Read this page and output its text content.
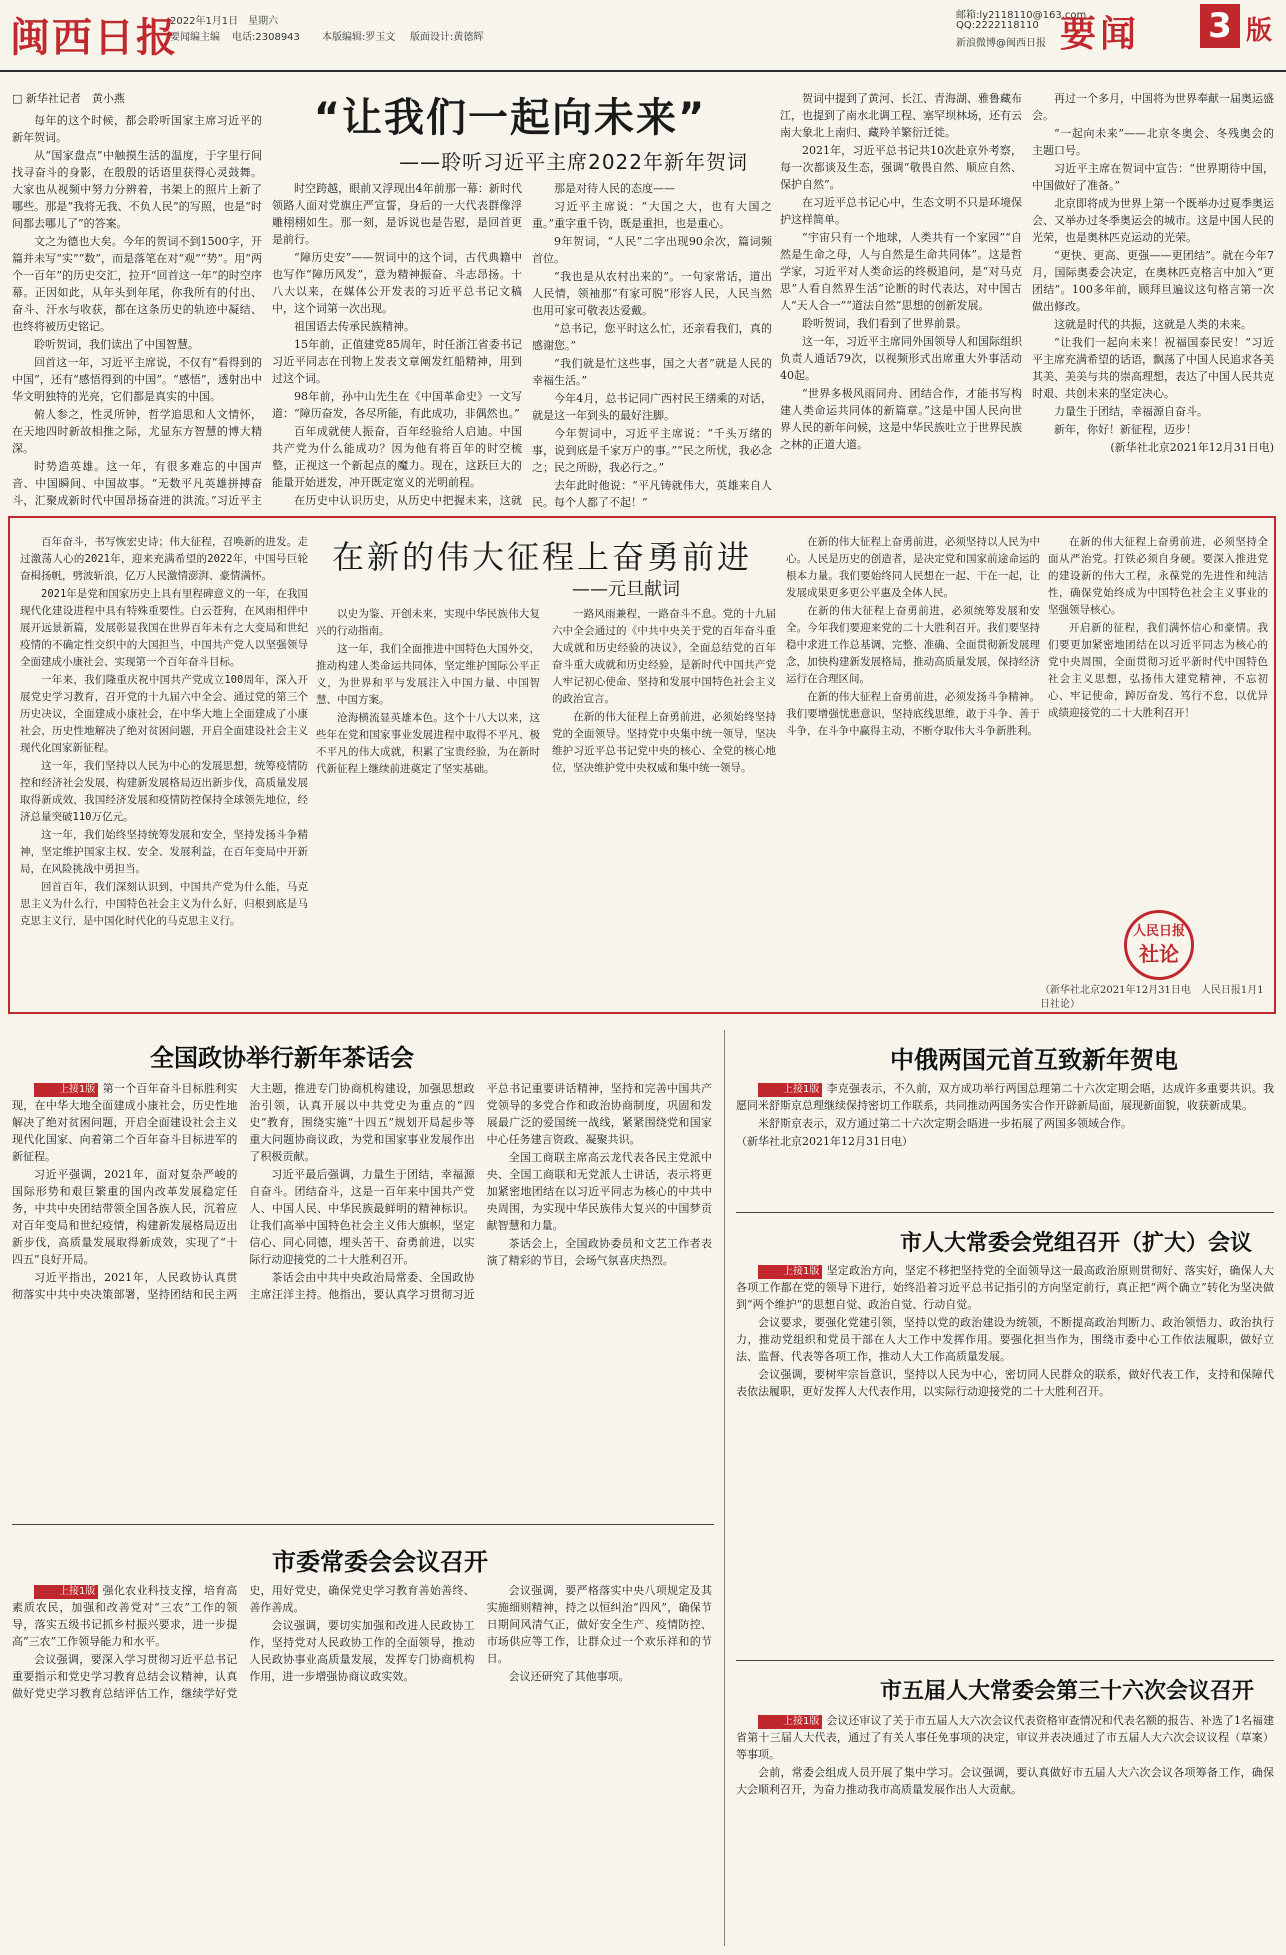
闽西日报
2022年1月1日　星期六
要闻编主编 电话:2308943 本版编辑:罗玉文 版面设计:黄德辉
邮箱:ly2118110@163.com
QQ:2222118110
新浪微博@闽西日报 要闻 3 版
□ 新华社记者　黄小燕	“让我们一起向未来”
——聆听习近平主席2022年新年贺词

每年的这个时候，都会聆听国家主席习近平的新年贺词。

从“国家盘点”中触摸生活的温度，于字里行间找寻奋斗的身影，在殷殷的话语里获得心灵鼓舞。大家也从视频中努力分辨着，书架上的照片上新了哪些。那是“我将无我、不负人民”的写照，也是“时间都去哪儿了”的答案。

文之为德也大矣。今年的贺词不到1500字，开篇并未写“实”“数”，而是落笔在对“观”“势”。用“两个一百年”的历史交汇，拉开“回首这一年”的时空序幕。正因如此，从年头到年尾，你我所有的付出、奋斗、汗水与收获，都在这条历史的轨迹中凝结、也终将被历史铭记。

聆听贺词，我们读出了中国智慧。

回首这一年，习近平主席说，不仅有“看得到的中国”，还有“感悟得到的中国”。“感悟”，透射出中华文明独特的光亮，它们都是真实的中国。

俯人参之，性灵所钟，哲学追思和人文情怀，在天地四时新故相推之际，尤显东方智慧的博大精深。

时势造英雄。这一年，有很多难忘的中国声音、中国瞬间、中国故事。“无数平凡英雄拼搏奋斗，汇聚成新时代中国昂扬奋进的洪流。”习近平主

时空跨越，眼前又浮现出4年前那一幕：新时代领路人面对党旗庄严宣誓，身后的一大代表群像浮雕栩栩如生。那一刻，是诉说也是告慰，是回首更是前行。

“障历史安”——贺词中的这个词，古代典籍中也写作“障历风发”，意为精神振奋、斗志昂扬。十八大以来，在媒体公开发表的习近平总书记文稿中，这个词第一次出现。

祖国语去传承民族精神。

15年前，正值建党85周年，时任浙江省委书记习近平同志在刊物上发表文章阐发红船精神，用到过这个词。

98年前，孙中山先生在《中国革命史》一文写道：“障历奋发，各尽所能，有此成功，非偶然也。”

百年成就使人振奋，百年经验给人启迪。中国共产党为什么能成功？因为他有将百年的时空梳整，正视这一个新起点的魔力。现在，这跃巨大的能量开始迸发，冲开既定宽义的光明前程。

在历史中认识历史，从历史中把握未来，这就

那是对待人民的态度——

习近平主席说：“大国之大，也有大国之重。”重字重千钧，既是重担，也是重心。

9年贺词，“人民”二字出现90余次，篇词频首位。

“我也是从农村出来的”。一句家常话，道出人民情，领袖那“有家可脱”形容人民，人民当然也用可家可敬表达爱戴。

“总书记，您平时这么忙，还亲看我们，真的感谢您。”

“我们就是忙这些事，国之大者”就是人民的幸福生活。”

今年4月，总书记同广西村民王缮乘的对话，就是这一年到头的最好注脚。

今年贺词中，习近平主席说：“千头万绪的事，说到底是千家万户的事。”“民之所忧，我必念之；民之所盼，我必行之。”

去年此时他说：“平凡铸就伟大，英雄来自人民。每个人都了不起！”

贺词中提到了黄河、长江、青海湖、雅鲁藏布江，也提到了南水北调工程、塞罕坝林场，还有云南大象北上南归、藏羚羊繁衍迁徙。

2021年，习近平总书记共10次赴京外考察，每一次都谈及生态，强调“敬畏自然、顺应自然、保护自然”。

在习近平总书记心中，生态文明不只是环境保护这样简单。

“宇宙只有一个地球，人类共有一个家园”“自然是生命之母，人与自然是生命共同体”。这是哲学家，习近平对人类命运的终极追问，是“对马克思”人看自然界生活“论断的时代表达，对中国古人“天人合一”“道法自然”思想的创新发展。

聆听贺词，我们看到了世界前景。

这一年，习近平主席同外国领导人和国际组织负责人通话79次，以视频形式出席重大外事活动40起。

“世界多极风雨同舟、团结合作，才能书写构建人类命运共同体的新篇章。”这是中国人民向世界人民的新年问候，这是中华民族吐立于世界民族之林的正道大道。

再过一个多月，中国将为世界奉献一届奥运盛会。

“一起向未来”——北京冬奥会、冬残奥会的主题口号。

习近平主席在贺词中宣告：“世界期待中国，中国做好了准备。”

北京即将成为世界上第一个既举办过夏季奥运会、又举办过冬季奥运会的城市。这是中国人民的光荣，也是奥林匹克运动的光荣。

“更快、更高、更强——更团结”。就在今年7月，国际奥委会决定，在奥林匹克格言中加入“更团结”。100多年前，顾拜旦遍议这句格言第一次做出修改。

这就是时代的共振，这就是人类的未来。

“让我们一起向未来！祝福国泰民安！”习近平主席充满希望的话语，飘荡了中国人民追求各美其美、美美与共的崇高理想，表达了中国人民共克时艰、共创未来的坚定决心。

力量生于团结，幸福源自奋斗。

新年，你好！新征程，迈步！

(新华社北京2021年12月31日电)

在新的伟大征程上奋勇前进
——元旦献词

百年奋斗，书写恢宏史诗；伟大征程，召唤新的进发。走过激荡人心的2021年，迎来充满希望的2022年，中国号巨轮奋楫扬帆，劈波斩浪，亿万人民激情澎湃、豪情满怀。

2021年是党和国家历史上具有里程碑意义的一年，在我国现代化建设进程中具有特殊重要性。白云苍狗，在风雨相伴中展开远景新篇，发展彰显我国在世界百年未有之大变局和世纪疫情的不确定性交织中的大国担当，中国共产党人以坚强领导全面建成小康社会、实现第一个百年奋斗目标。

一年来，我们隆重庆祝中国共产党成立100周年，深入开展党史学习教育，召开党的十九届六中全会、通过党的第三个历史决议，全面建成小康社会，在中华大地上全面建成了小康社会，历史性地解决了绝对贫困问题，开启全面建设社会主义现代化国家新征程。

这一年，我们坚持以人民为中心的发展思想，统筹疫情防控和经济社会发展，构建新发展格局迈出新步伐，高质量发展取得新成效，我国经济发展和疫情防控保持全球领先地位，经济总量突破110万亿元。

这一年，我们始终坚持统筹发展和安全，坚持发扬斗争精神，坚定维护国家主权、安全、发展利益，在百年变局中开新局，在风险挑战中勇担当。

回首百年，我们深刻认识到，中国共产党为什么能，马克思主义为什么行，中国特色社会主义为什么好，归根到底是马克思主义行，是中国化时代化的马克思主义行。

以史为鉴、开创未来，实现中华民族伟大复兴的行动指南。

这一年，我们全面推进中国特色大国外交，推动构建人类命运共同体，坚定维护国际公平正义，为世界和平与发展注入中国力量、中国智慧、中国方案。

沧海横流显英雄本色。这个十八大以来，这些年在党和国家事业发展进程中取得不平凡、极不平凡的伟大成就，积累了宝贵经验，为在新时代新征程上继续前进奠定了坚实基础。

一路风雨兼程，一路奋斗不息。党的十九届六中全会通过的《中共中央关于党的百年奋斗重大成就和历史经验的决议》，全面总结党的百年奋斗重大成就和历史经验，是新时代中国共产党人牢记初心使命、坚持和发展中国特色社会主义的政治宣言。

在新的伟大征程上奋勇前进，必须始终坚持党的全面领导。坚持党中央集中统一领导，坚决维护习近平总书记党中央的核心、全党的核心地位，坚决维护党中央权威和集中统一领导。

在新的伟大征程上奋勇前进，必须坚持以人民为中心。人民是历史的创造者，是决定党和国家前途命运的根本力量。我们要始终同人民想在一起、干在一起，让发展成果更多更公平惠及全体人民。

在新的伟大征程上奋勇前进，必须统筹发展和安全。今年我们要迎来党的二十大胜利召开。我们要坚持稳中求进工作总基调，完整、准确、全面贯彻新发展理念，加快构建新发展格局，推动高质量发展，保持经济运行在合理区间。

在新的伟大征程上奋勇前进，必须发扬斗争精神。我们要增强忧患意识，坚持底线思维，敢于斗争、善于斗争，在斗争中赢得主动，不断夺取伟大斗争新胜利。

在新的伟大征程上奋勇前进，必须坚持全面从严治党。打铁必须自身硬。要深入推进党的建设新的伟大工程，永葆党的先进性和纯洁性，确保党始终成为中国特色社会主义事业的坚强领导核心。

开启新的征程，我们满怀信心和豪情。我们要更加紧密地团结在以习近平同志为核心的党中央周围，全面贯彻习近平新时代中国特色社会主义思想，弘扬伟大建党精神，不忘初心、牢记使命，踔厉奋发、笃行不怠，以优异成绩迎接党的二十大胜利召开！

人民日报
社论
（新华社北京2021年12月31日电　人民日报1月1日社论）
全国政协举行新年茶话会

上接1版 第一个百年奋斗目标胜利实现，在中华大地全面建成小康社会，历史性地解决了绝对贫困问题，开启全面建设社会主义现代化国家、向着第二个百年奋斗目标进军的新征程。

习近平强调，2021年，面对复杂严峻的国际形势和艰巨繁重的国内改革发展稳定任务，中共中央团结带领全国各族人民，沉着应对百年变局和世纪疫情，构建新发展格局迈出新步伐，高质量发展取得新成效，实现了“十四五”良好开局。

习近平指出，2021年，人民政协认真贯彻落实中共中央决策部署，坚持团结和民主两大主题，推进专门协商机构建设，加强思想政治引领，认真开展以中共党史为重点的“四史”教育，围绕实施“十四五”规划开局起步等重大问题协商议政，为党和国家事业发展作出了积极贡献。

习近平最后强调，力量生于团结，幸福源自奋斗。团结奋斗，这是一百年来中国共产党人、中国人民、中华民族最鲜明的精神标识。让我们高举中国特色社会主义伟大旗帜，坚定信心、同心同德，埋头苦干、奋勇前进，以实际行动迎接党的二十大胜利召开。

茶话会由中共中央政治局常委、全国政协主席汪洋主持。他指出，要认真学习贯彻习近平总书记重要讲话精神，坚持和完善中国共产党领导的多党合作和政治协商制度，巩固和发展最广泛的爱国统一战线，紧紧围绕党和国家中心任务建言资政、凝聚共识。

全国工商联主席高云龙代表各民主党派中央、全国工商联和无党派人士讲话，表示将更加紧密地团结在以习近平同志为核心的中共中央周围，为实现中华民族伟大复兴的中国梦贡献智慧和力量。

茶话会上，全国政协委员和文艺工作者表演了精彩的节目，会场气氛喜庆热烈。

市委常委会会议召开

上接1版 强化农业科技支撑，培育高素质农民，加强和改善党对“三农”工作的领导，落实五级书记抓乡村振兴要求，进一步提高“三农”工作领导能力和水平。

会议强调，要深入学习贯彻习近平总书记重要指示和党史学习教育总结会议精神，认真做好党史学习教育总结评估工作，继续学好党史，用好党史，确保党史学习教育善始善终、善作善成。

会议强调，要切实加强和改进人民政协工作，坚持党对人民政协工作的全面领导，推动人民政协事业高质量发展，发挥专门协商机构作用，进一步增强协商议政实效。

会议强调，要严格落实中央八项规定及其实施细则精神，持之以恒纠治“四风”，确保节日期间风清气正，做好安全生产、疫情防控、市场供应等工作，让群众过一个欢乐祥和的节日。

会议还研究了其他事项。

中俄两国元首互致新年贺电

上接1版 李克强表示，不久前，双方成功举行两国总理第二十六次定期会晤，达成许多重要共识。我愿同米舒斯京总理继续保持密切工作联系，共同推动两国务实合作开辟新局面，展现新面貌，收获新成果。

米舒斯京表示，双方通过第二十六次定期会晤进一步拓展了两国多领域合作。

（新华社北京2021年12月31日电）

市人大常委会党组召开（扩大）会议

上接1版 坚定政治方向，坚定不移把坚持党的全面领导这一最高政治原则贯彻好、落实好，确保人大各项工作都在党的领导下进行，始终沿着习近平总书记指引的方向坚定前行，真正把“两个确立”转化为坚决做到“两个维护”的思想自觉、政治自觉、行动自觉。

会议要求，要强化党建引领，坚持以党的政治建设为统领，不断提高政治判断力、政治领悟力、政治执行力，推动党组织和党员干部在人大工作中发挥作用。要强化担当作为，围绕市委中心工作依法履职，做好立法、监督、代表等各项工作，推动人大工作高质量发展。

会议强调，要树牢宗旨意识，坚持以人民为中心，密切同人民群众的联系，做好代表工作，支持和保障代表依法履职，更好发挥人大代表作用，以实际行动迎接党的二十大胜利召开。

市五届人大常委会第三十六次会议召开

上接1版 会议还审议了关于市五届人大六次会议代表资格审查情况和代表名额的报告、补选了1名福建省第十三届人大代表，通过了有关人事任免事项的决定，审议并表决通过了市五届人大六次会议议程（草案）等事项。

会前，常委会组成人员开展了集中学习。会议强调，要认真做好市五届人大六次会议各项筹备工作，确保大会顺利召开，为奋力推动我市高质量发展作出人大贡献。
